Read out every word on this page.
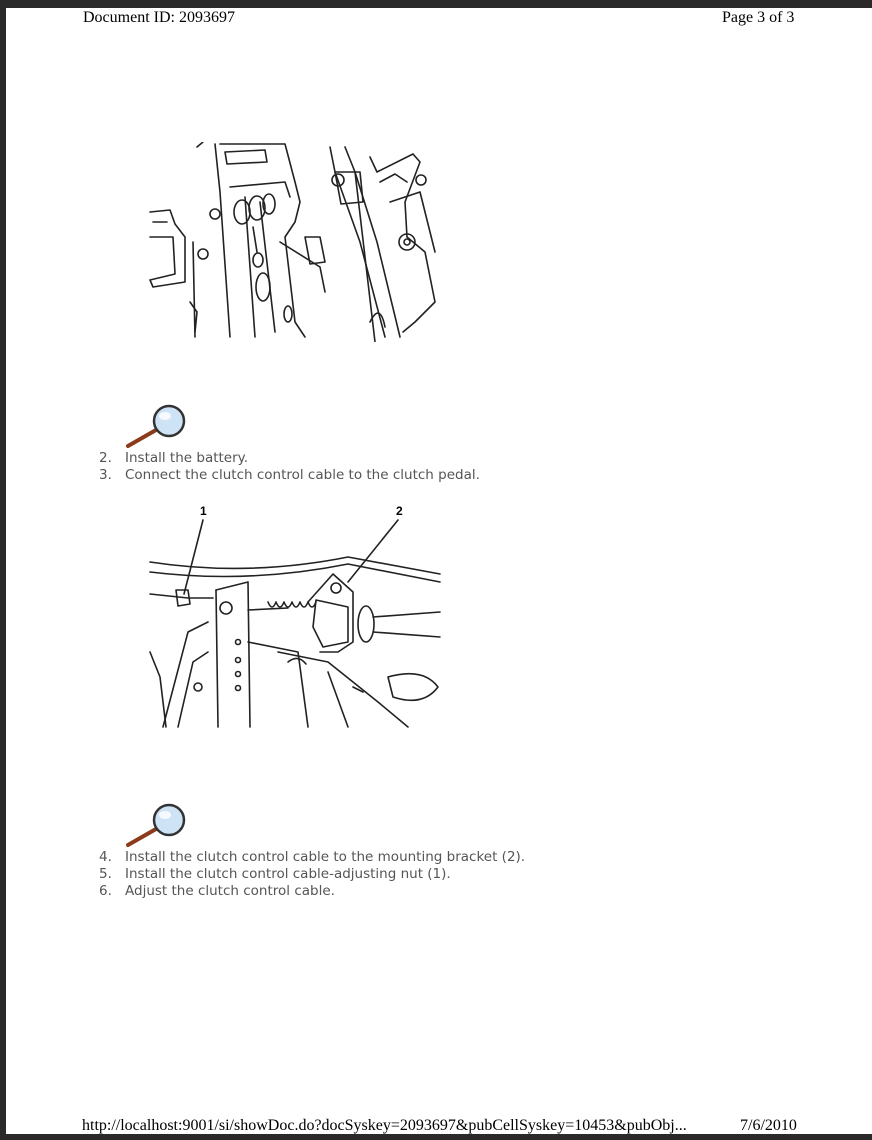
Document ID: 2093697	Page 3 of 3
2. Install the battery.
3. Connect the clutch control cable to the clutch pedal.
1	2
4. Install the clutch control cable to the mounting bracket (2).
5. Install the clutch control cable-adjusting nut (1).
6. Adjust the clutch control cable.
http://localhost:9001/si/showDoc.do?docSyskey=2093697&pubCellSyskey=10453&pubObj...	7/6/2010
